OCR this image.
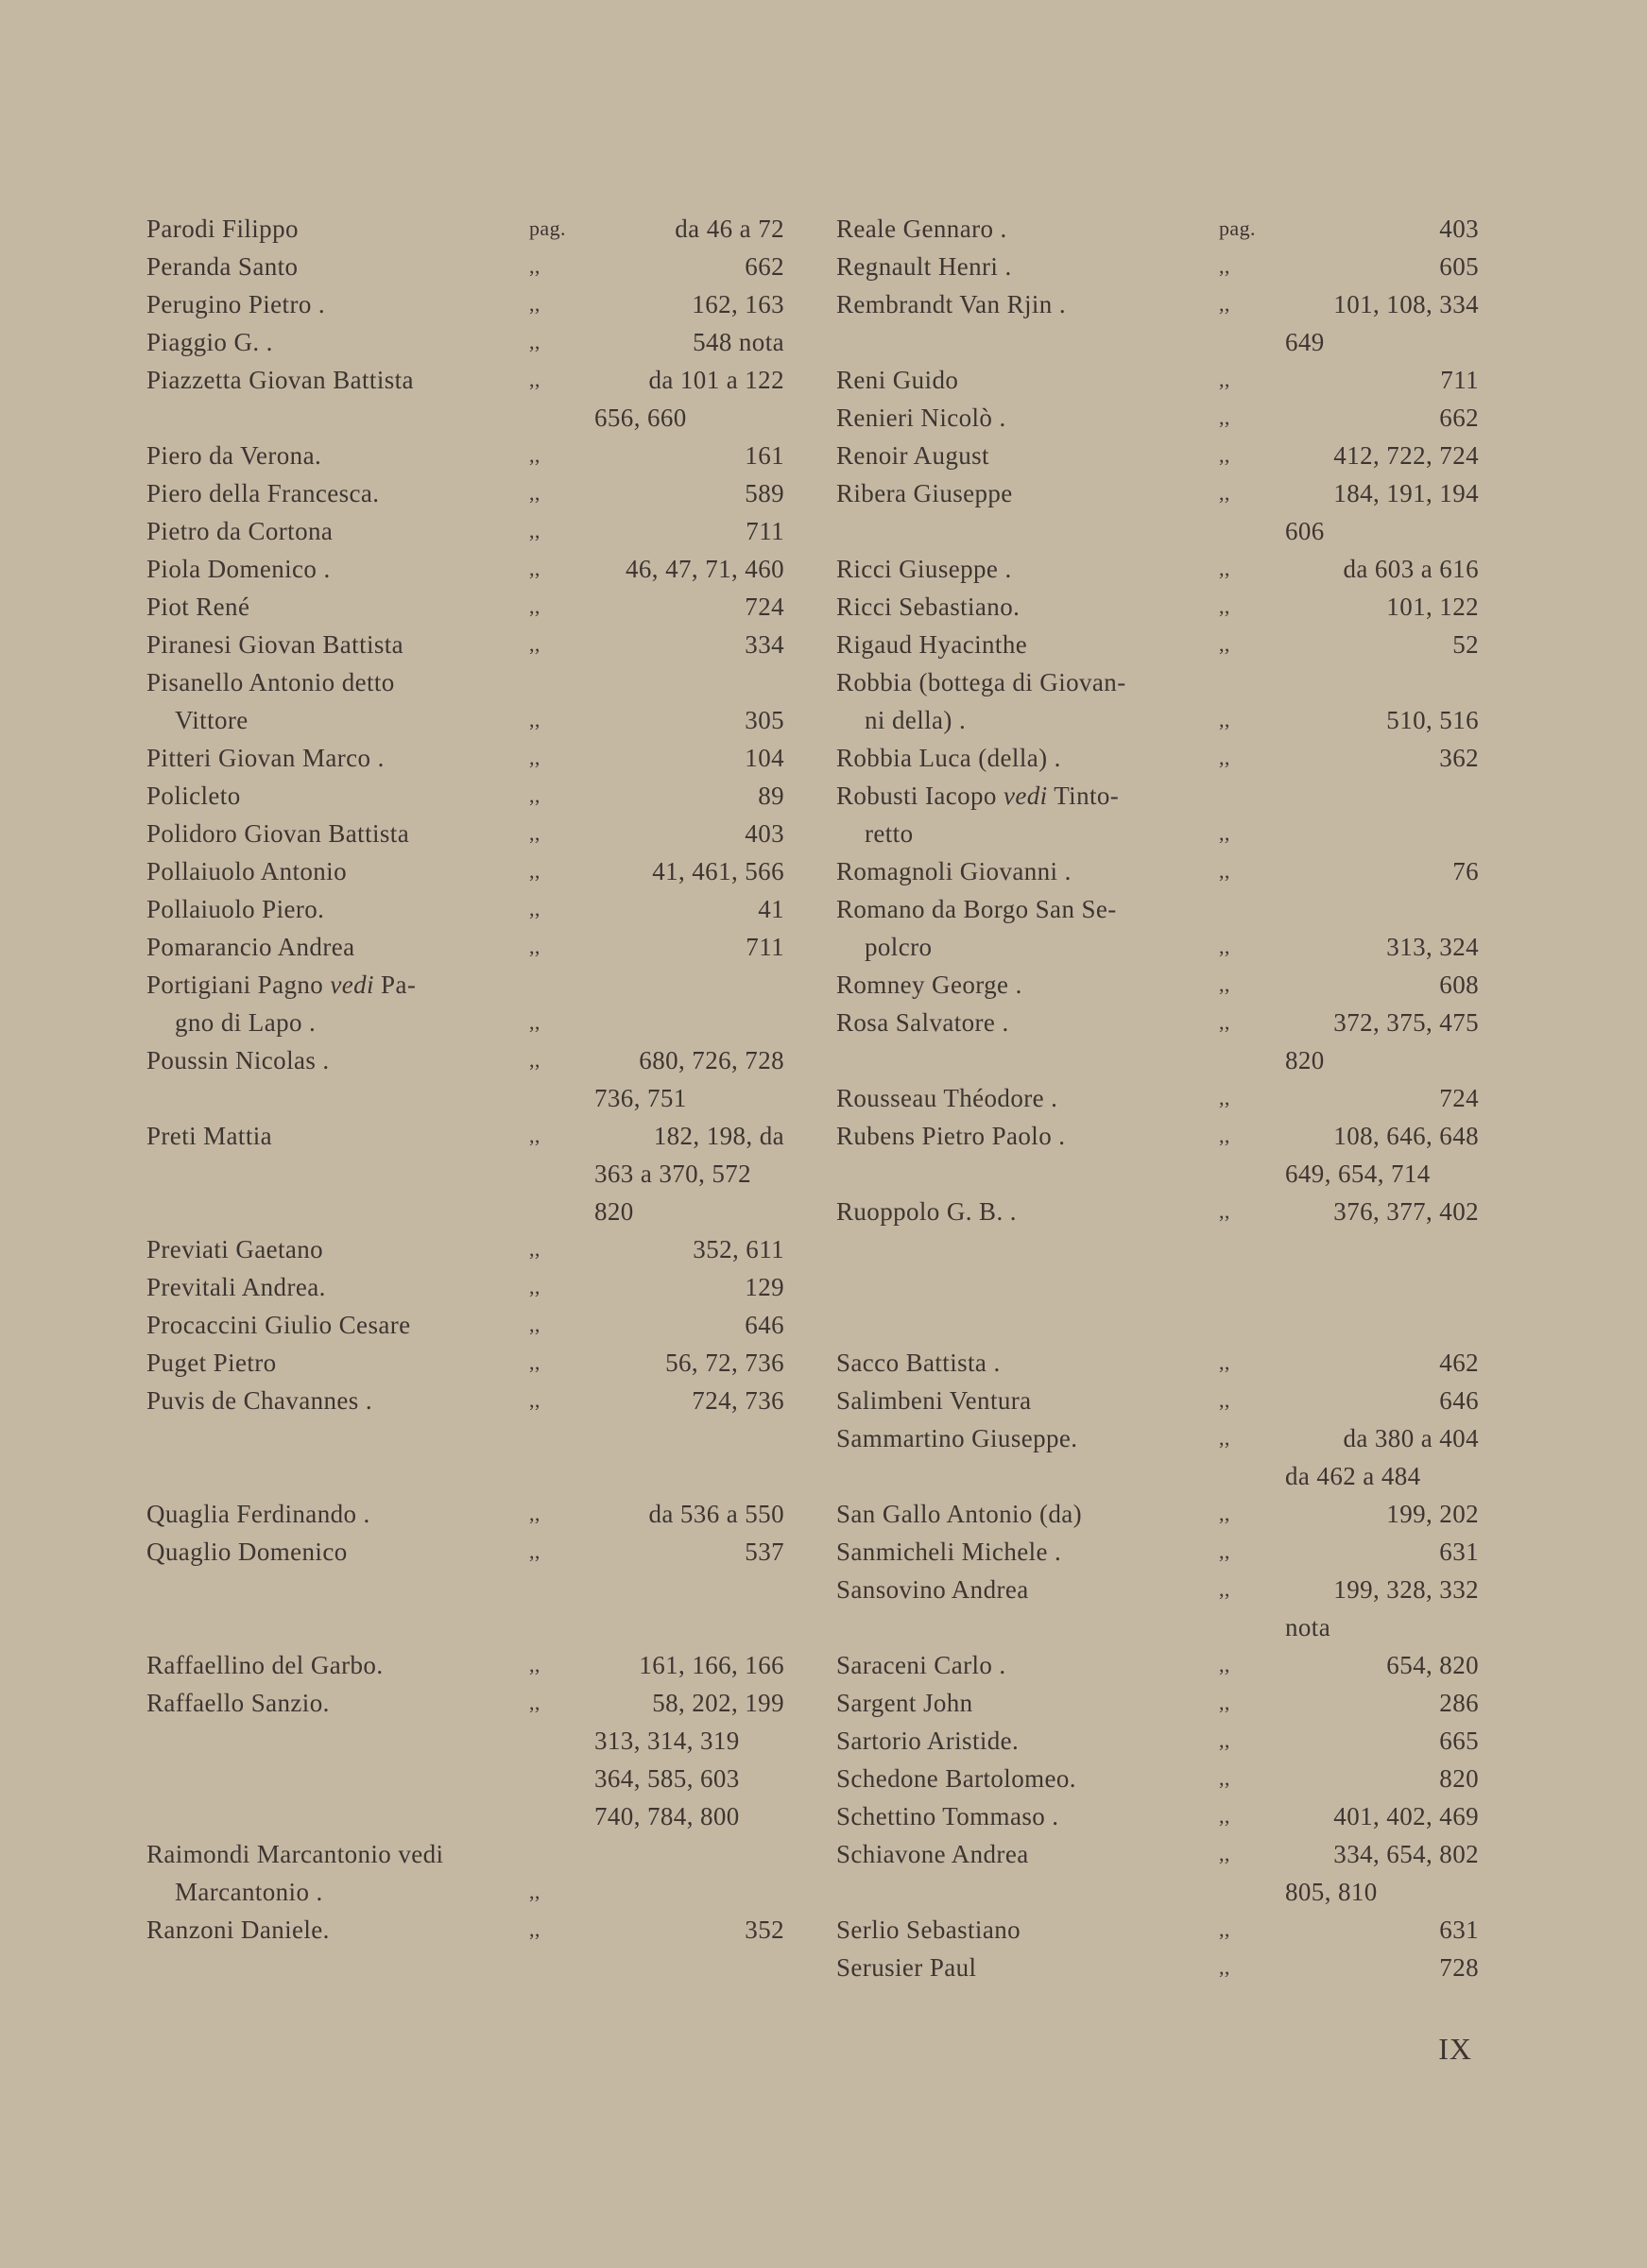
Parodi Filippo	pag.	da 46 a 72
Peranda Santo	,,	662
Perugino Pietro .	,,	162, 163
Piaggio G. .	,,	548 nota
Piazzetta Giovan Battista	,,	da 101 a 122
656, 660
Piero da Verona.	,,	161
Piero della Francesca.	,,	589
Pietro da Cortona	,,	711
Piola Domenico .	,,	46, 47, 71, 460
Piot René	,,	724
Piranesi Giovan Battista	,,	334
Pisanello Antonio detto
Vittore	,,	305
Pitteri Giovan Marco .	,,	104
Policleto	,,	89
Polidoro Giovan Battista	,,	403
Pollaiuolo Antonio	,,	41, 461, 566
Pollaiuolo Piero.	,,	41
Pomarancio Andrea	,,	711
Portigiani Pagno vedi Pa-
gno di Lapo .	,,
Poussin Nicolas .	,,	680, 726, 728
736, 751
Preti Mattia	,,	182, 198, da
363 a 370, 572
820
Previati Gaetano	,,	352, 611
Previtali Andrea.	,,	129
Procaccini Giulio Cesare	,,	646
Puget Pietro	,,	56, 72, 736
Puvis de Chavannes .	,,	724, 736
Quaglia Ferdinando .	,,	da 536 a 550
Quaglio Domenico	,,	537
Raffaellino del Garbo.	,,	161, 166, 166
Raffaello Sanzio.	,,	58, 202, 199
313, 314, 319
364, 585, 603
740, 784, 800
Raimondi Marcantonio vedi
Marcantonio .	,,
Ranzoni Daniele.	,,	352
Reale Gennaro .	pag.	403
Regnault Henri .	,,	605
Rembrandt Van Rjin .	,,	101, 108, 334
649
Reni Guido	,,	711
Renieri Nicolò .	,,	662
Renoir August	,,	412, 722, 724
Ribera Giuseppe	,,	184, 191, 194
606
Ricci Giuseppe .	,,	da 603 a 616
Ricci Sebastiano.	,,	101, 122
Rigaud Hyacinthe	,,	52
Robbia (bottega di Giovan-
ni della) .	,,	510, 516
Robbia Luca (della) .	,,	362
Robusti Iacopo vedi Tinto-
retto	,,
Romagnoli Giovanni .	,,	76
Romano da Borgo San Se-
polcro	,,	313, 324
Romney George .	,,	608
Rosa Salvatore .	,,	372, 375, 475
820
Rousseau Théodore .	,,	724
Rubens Pietro Paolo .	,,	108, 646, 648
649, 654, 714
Ruoppolo G. B. .	,,	376, 377, 402
Sacco Battista .	,,	462
Salimbeni Ventura	,,	646
Sammartino Giuseppe.	,,	da 380 a 404
da 462 a 484
San Gallo Antonio (da)	,,	199, 202
Sanmicheli Michele .	,,	631
Sansovino Andrea	,,	199, 328, 332
nota
Saraceni Carlo .	,,	654, 820
Sargent John	,,	286
Sartorio Aristide.	,,	665
Schedone Bartolomeo.	,,	820
Schettino Tommaso .	,,	401, 402, 469
Schiavone Andrea	,,	334, 654, 802
805, 810
Serlio Sebastiano	,,	631
Serusier Paul	,,	728
IX
